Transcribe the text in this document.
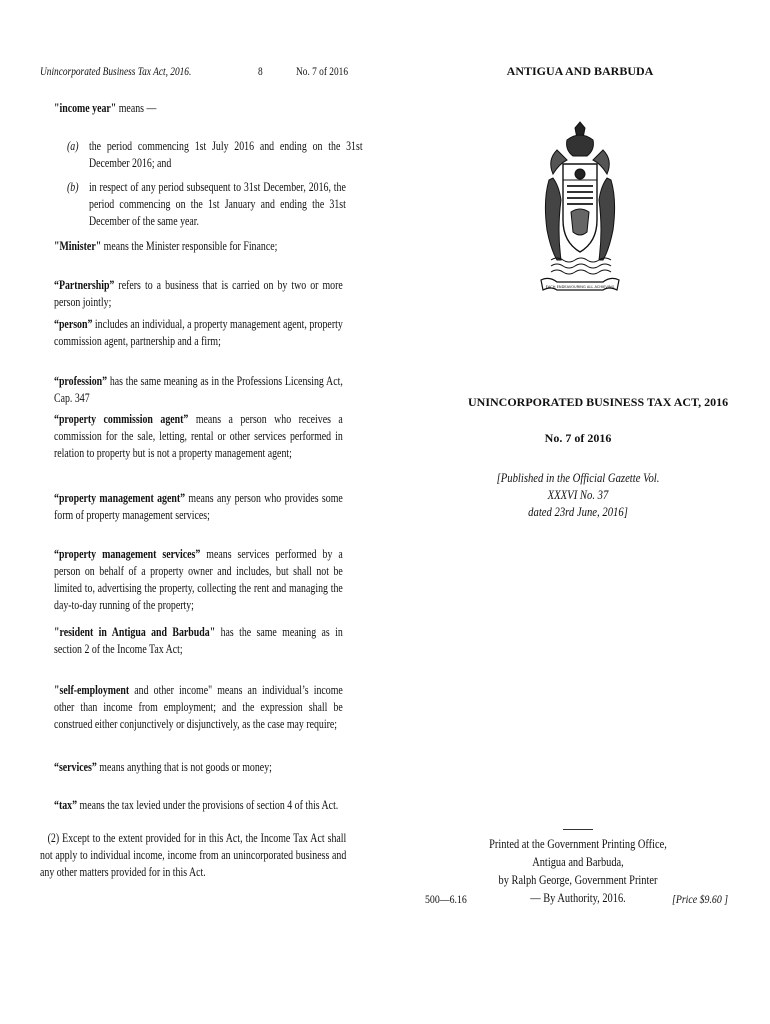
Unincorporated Business Tax Act, 2016.	8	No. 7 of 2016
"income year" means —
(a) the period commencing 1st July 2016 and ending on the 31st December 2016; and
(b) in respect of any period subsequent to 31st December, 2016, the period commencing on the 1st January and ending the 31st December of the same year.
"Minister" means the Minister responsible for Finance;
“Partnership” refers to a business that is carried on by two or more person jointly;
“person” includes an individual, a property management agent, property commission agent, partnership and a firm;
“profession” has the same meaning as in the Professions Licensing Act, Cap. 347
“property commission agent” means a person who receives a commission for the sale, letting, rental or other services performed in relation to property but is not a property management agent;
“property management agent” means any person who provides some form of property management services;
“property management services” means services performed by a person on behalf of a property owner and includes, but shall not be limited to, advertising the property, collecting the rent and managing the day-to-day running of the property;
"resident in Antigua and Barbuda" has the same meaning as in section 2 of the Income Tax Act;
"self-employment and other income" means an individual’s income other than income from employment; and the expression shall be construed either conjunctively or disjunctively, as the case may require;
“services” means anything that is not goods or money;
“tax” means the tax levied under the provisions of section 4 of this Act.
(2) Except to the extent provided for in this Act, the Income Tax Act shall not apply to individual income, income from an unincorporated business and any other matters provided for in this Act.
ANTIGUA AND BARBUDA
EACH ENDEAVOURING ALL ACHIEVING
UNINCORPORATED BUSINESS TAX ACT, 2016
No. 7 of 2016
[Published in the Official Gazette Vol. XXXVI No. 37
dated 23rd June, 2016]
Printed at the Government Printing Office, Antigua and Barbuda,
by Ralph George, Government Printer
— By Authority, 2016.
500—6.16	[Price $9.60 ]
